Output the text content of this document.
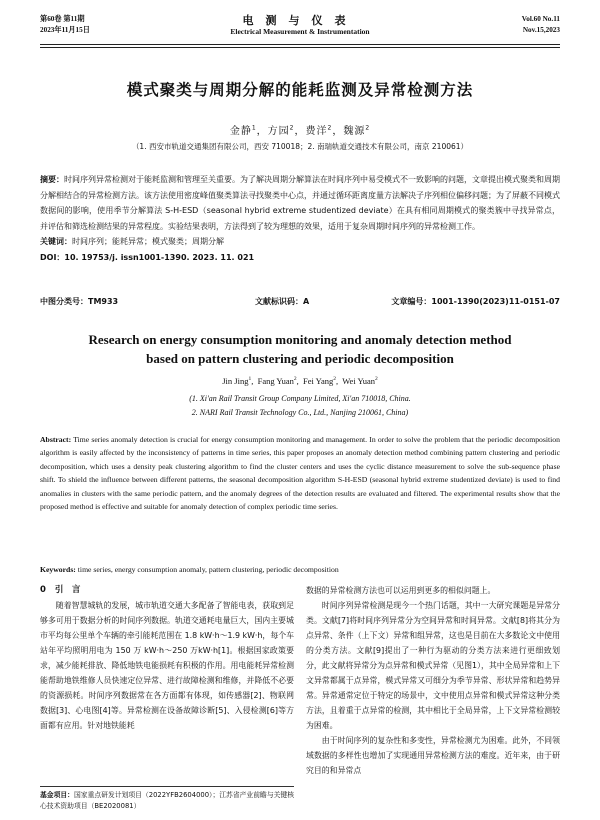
第60卷 第11期
2023年11月15日
电测与仪表
Electrical Measurement & Instrumentation
Vol.60 No.11
Nov.15,2023
模式聚类与周期分解的能耗监测及异常检测方法
金静$^1$，方园$^2$，费洋$^2$，魏源$^2$
（1. 西安市轨道交通集团有限公司，西安 710018；2. 南瑞轨道交通技术有限公司，南京 210061）
摘要：时间序列异常检测对于能耗监测和管理至关重要。为了解决周期分解算法在时间序列中易受模式不一致影响的问题，文章提出模式聚类和周期分解相结合的异常检测方法。该方法使用密度峰值聚类算法寻找聚类中心点，并通过循环距离度量方法解决子序列相位偏移问题；为了屏蔽不同模式数据间的影响，使用季节分解算法 S-H-ESD（seasonal hybrid extreme studentized deviate）在具有相同周期模式的聚类簇中寻找异常点，并评估和筛选检测结果的异常程度。实验结果表明，方法得到了较为理想的效果，适用于复杂周期时间序列的异常检测工作。
关键词：时间序列；能耗异常；模式聚类；周期分解
DOI：10. 19753/j. issn1001-1390. 2023. 11. 021
中图分类号：TM933	文献标识码：A	文章编号：1001-1390(2023)11-0151-07
Research on energy consumption monitoring and anomaly detection method
based on pattern clustering and periodic decomposition
Jin Jing$^1$,  Fang Yuan$^2$,  Fei Yang$^2$,  Wei Yuan$^2$
(1. Xi'an Rail Transit Group Company Limited, Xi'an 710018, China.
2. NARI Rail Transit Technology Co., Ltd., Nanjing 210061, China)
Abstract: Time series anomaly detection is crucial for energy consumption monitoring and management. In order to solve the problem that the periodic decomposition algorithm is easily affected by the inconsistency of patterns in time series, this paper proposes an anomaly detection method combining pattern clustering and periodic decomposition, which uses a density peak clustering algorithm to find the cluster centers and uses the cyclic distance measurement to solve the sub-sequence phase shift. To shield the influence between different patterns, the seasonal decomposition algorithm S-H-ESD (seasonal hybrid extreme studentized deviate) is used to find anomalies in clusters with the same periodic pattern, and the anomaly degrees of the detection results are evaluated and filtered. The experimental results show that the proposed method is effective and suitable for anomaly detection of complex periodic time series.
Keywords: time series, energy consumption anomaly, pattern clustering, periodic decomposition
0 引　言

随着智慧城轨的发展，城市轨道交通大多配备了智能电表，获取到足够多可用于数据分析的时间序列数据。轨道交通耗电量巨大，国内主要城市平均每公里单个车辆的牵引能耗范围在 1.8 kW·h～1.9 kW·h，每个车站年平均照明用电为 150 万 kW·h～250 万kW·h[1]。根据国家政策要求，减少能耗排放、降低地铁电能损耗有积极的作用。用电能耗异常检测能帮助地铁维修人员快速定位异常、进行故障检测和维修，并降低不必要的资源损耗。时间序列数据常在各方面都有体现，如传感器[2]、物联网数据[3]、心电图[4]等。异常检测在设备故障诊断[5]、入侵检测[6]等方面都有应用。针对地铁能耗

数据的异常检测方法也可以运用到更多的相似问题上。

时间序列异常检测是现今一个热门话题，其中一大研究课题是异常分类。文献[7]将时间序列异常分为空间异常和时间异常。文献[8]将其分为点异常、条件（上下文）异常和组异常，这也是目前在大多数论文中使用的分类方法。文献[9]提出了一种行为驱动的分类方法来进行更细致划分，此文献将异常分为点异常和模式异常（见图1），其中全局异常和上下文异常都属于点异常，模式异常又可细分为季节异常、形状异常和趋势异常。异常通常定位于特定的场景中，文中使用点异常和模式异常这种分类方法，且着重于点异常的检测，其中相比于全局异常，上下文异常检测较为困难。

由于时间序列的复杂性和多变性，异常检测尤为困难。此外，不同领域数据的多样性也增加了实现通用异常检测方法的难度。近年来，由于研究目的和异常点

基金项目：国家重点研发计划项目（2022YFB2604000）；江苏省产业前瞻与关键核心技术资助项目（BE2020081）
